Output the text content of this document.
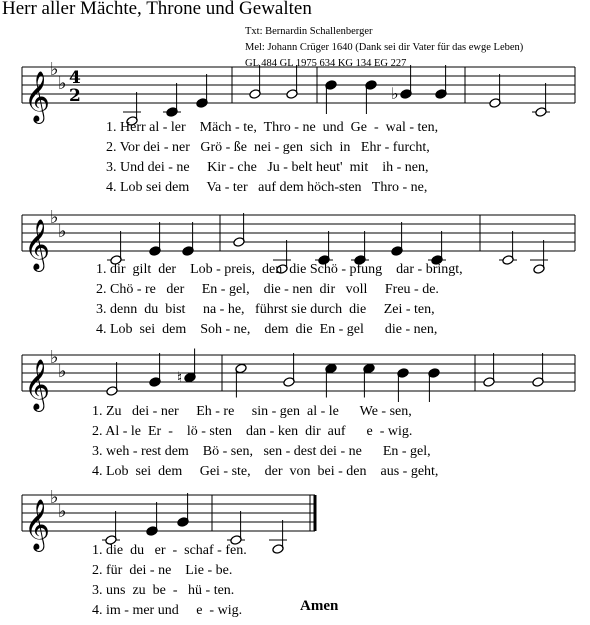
Herr aller Mächte, Throne und Gewalten
Txt: Bernardin Schallenberger
Mel: Johann Crüger 1640 (Dank sei dir Vater für das ewge Leben)
GL 484 GL 1975 634 KG 134 EG 227
𝄞
♭
♭ 4
2	♭
𝄞
♭
♭
𝄞
♭
♭	♮
𝄞
♭
♭
1. Herr al - ler    Mäch - te,  Thro - ne  und  Ge  -  wal - ten,
2. Vor dei - ner   Grö - ße  nei - gen  sich  in   Ehr - furcht,
3. Und dei - ne     Kir - che   Ju - belt heut'  mit    ih - nen,
4. Lob sei dem     Va - ter   auf dem höch-sten   Thro - ne,
1. dir  gilt  der    Lob - preis,  den  die Schö - pfung    dar - bringt,
2. Chö - re   der     En - gel,    die - nen  dir   voll     Freu - de.
3. denn  du  bist     na - he,   führst sie durch  die     Zei - ten,
4. Lob  sei  dem    Soh - ne,    dem  die  En - gel      die - nen,
1. Zu   dei - ner     Eh - re     sin - gen  al - le      We - sen,
2. Al - le  Er  -    lö - sten    dan - ken  dir  auf      e  - wig.
3. weh - rest dem    Bö - sen,   sen - dest dei - ne      En - gel,
4. Lob  sei  dem     Gei - ste,    der  von  bei - den    aus - geht,
1. die  du   er  -  schaf - fen.
2. für  dei - ne    Lie - be.
3. uns  zu  be  -   hü - ten.
4. im - mer und     e  - wig.	Amen
